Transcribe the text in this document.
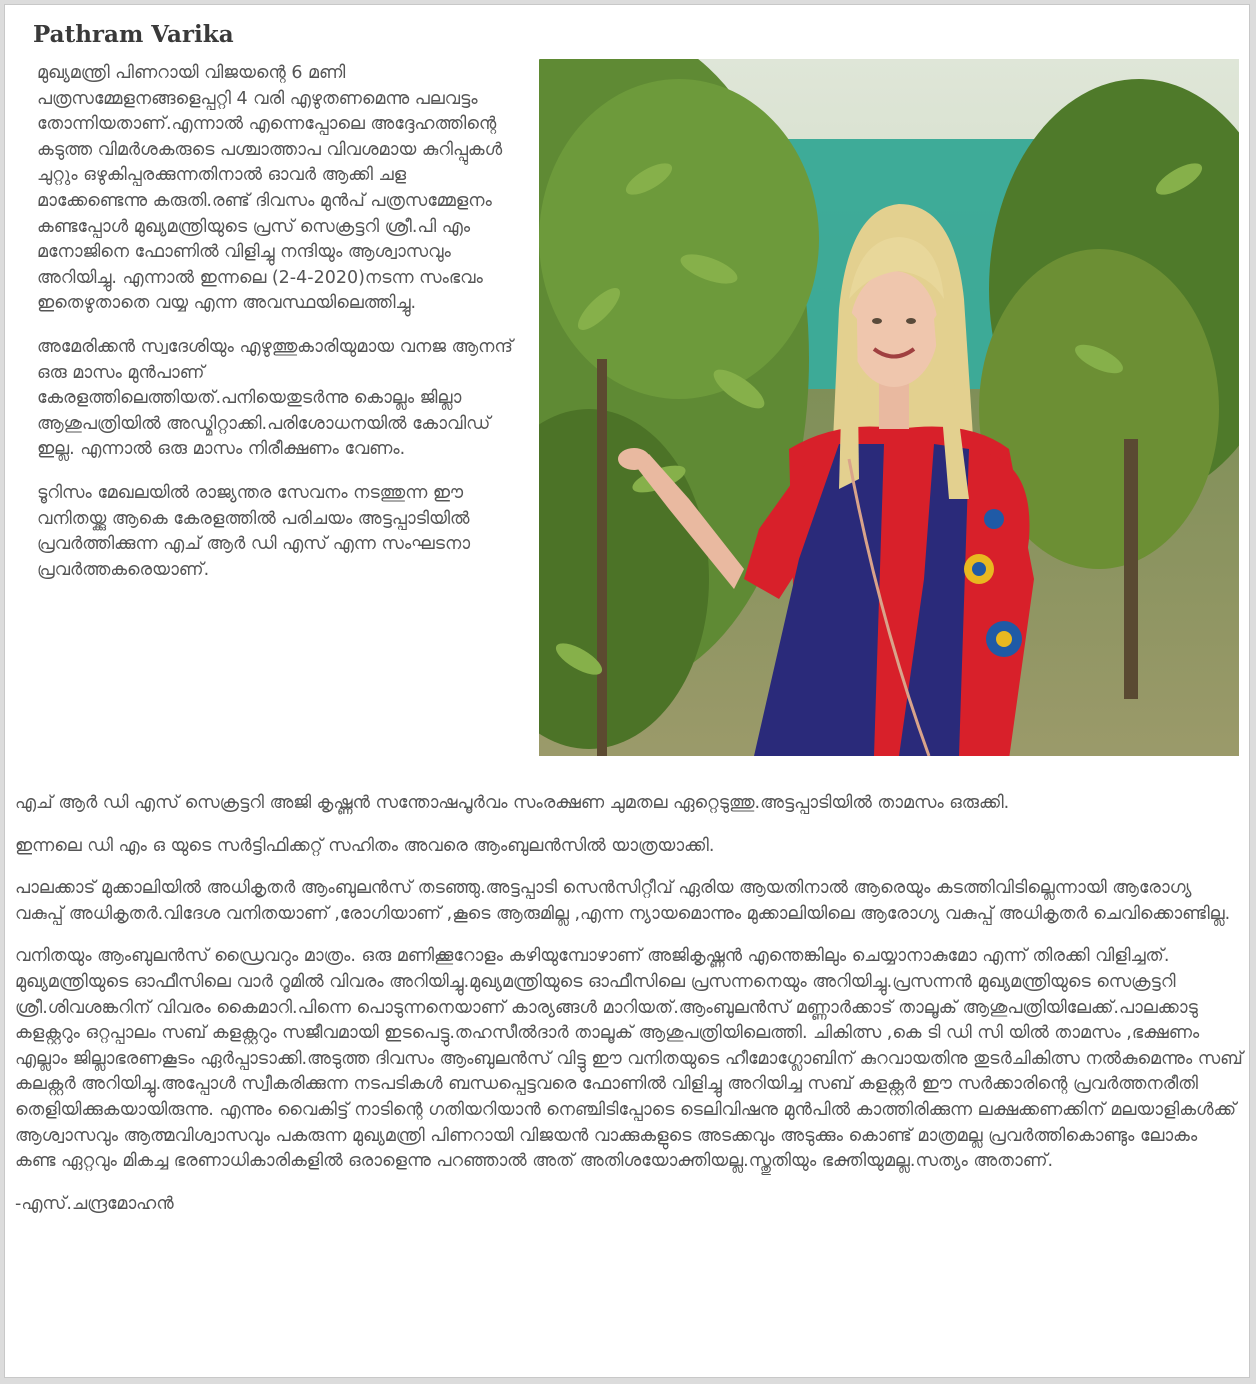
Pathram Varika

മുഖ്യമന്ത്രി പിണറായി വിജയന്റെ 6 മണി പത്രസമ്മേളനങ്ങളെപ്പറ്റി 4 വരി എഴുതണമെന്നു പലവട്ടം തോന്നിയതാണ്.എന്നാൽ എന്നെപ്പോലെ അദ്ദേഹത്തിന്റെ കടുത്ത വിമർശകരുടെ പശ്ചാത്താപ വിവശമായ കുറിപ്പുകൾ ചുറ്റും ഒഴുകിപ്പരക്കുന്നതിനാൽ ഓവർ ആക്കി ചള മാക്കേണ്ടെന്നു കരുതി.രണ്ട് ദിവസം മുൻപ് പത്രസമ്മേളനം കണ്ടപ്പോൾ മുഖ്യമന്ത്രിയുടെ പ്രസ് സെക്രട്ടറി ശ്രീ.പി എം മനോജിനെ ഫോണിൽ വിളിച്ചു നന്ദിയും ആശ്വാസവും അറിയിച്ചു. എന്നാൽ ഇന്നലെ (2-4-2020)നടന്ന സംഭവം ഇതെഴുതാതെ വയ്യ എന്ന അവസ്ഥയിലെത്തിച്ചു.

അമേരിക്കൻ സ്വദേശിയും എഴുത്തുകാരിയുമായ വനജ ആനന്ദ് ഒരു മാസം മുൻപാണ് കേരളത്തിലെത്തിയത്.പനിയെതുടർന്നു കൊല്ലം ജില്ലാ ആശുപത്രിയിൽ അഡ്മിറ്റാക്കി.പരിശോധനയിൽ കോവിഡ് ഇല്ല. എന്നാൽ ഒരു മാസം നിരീക്ഷണം വേണം.

ടൂറിസം മേഖലയിൽ രാജ്യന്തര സേവനം നടത്തുന്ന ഈ വനിതയ്ക്കു ആകെ കേരളത്തിൽ പരിചയം അട്ടപ്പാടിയിൽ പ്രവർത്തിക്കുന്ന എച് ആർ ഡി എസ് എന്ന സംഘടനാ പ്രവർത്തകരെയാണ്.

എച് ആർ ഡി എസ് സെക്രട്ടറി അജി കൃഷ്ണൻ സന്തോഷപൂർവം സംരക്ഷണ ചുമതല ഏറ്റെടുത്തു.അട്ടപ്പാടിയിൽ താമസം ഒരുക്കി.

ഇന്നലെ ഡി എം ഒ യുടെ സർട്ടിഫിക്കറ്റ് സഹിതം അവരെ ആംബുലൻസിൽ യാത്രയാക്കി.

പാലക്കാട് മുക്കാലിയിൽ അധികൃതർ ആംബുലൻസ് തടഞ്ഞു.അട്ടപ്പാടി സെൻസിറ്റീവ് ഏരിയ ആയതിനാൽ ആരെയും കടത്തിവിടില്ലെന്നായി ആരോഗ്യ വകുപ്പ് അധികൃതർ.വിദേശ വനിതയാണ് ,രോഗിയാണ് ,കൂടെ ആരുമില്ല ,എന്ന ന്യായമൊന്നും മുക്കാലിയിലെ ആരോഗ്യ വകുപ്പ് അധികൃതർ ചെവിക്കൊണ്ടില്ല.

വനിതയും ആംബുലൻസ് ഡ്രൈവറും മാത്രം. ഒരു മണിക്കൂറോളം കഴിയുമ്പോഴാണ് അജികൃഷ്ണൻ എന്തെങ്കിലും ചെയ്യാനാകുമോ എന്ന് തിരക്കി വിളിച്ചത്. മുഖ്യമന്ത്രിയുടെ ഓഫീസിലെ വാർ റൂമിൽ വിവരം അറിയിച്ചു.മുഖ്യമന്ത്രിയുടെ ഓഫീസിലെ പ്രസന്നനെയും അറിയിച്ചു.പ്രസന്നൻ മുഖ്യമന്ത്രിയുടെ സെക്രട്ടറി ശ്രീ.ശിവശങ്കറിന് വിവരം കൈമാറി.പിന്നെ പൊടുന്നനെയാണ് കാര്യങ്ങൾ മാറിയത്.ആംബുലൻസ് മണ്ണാർക്കാട് താലൂക് ആശുപത്രിയിലേക്ക്.പാലക്കാടു കളക്റ്ററും ഒറ്റപ്പാലം സബ് കളക്റ്ററും സജീവമായി ഇടപെട്ടു.തഹസീൽദാർ താലൂക് ആശുപത്രിയിലെത്തി. ചികിത്സ ,കെ ടി ഡി സി യിൽ താമസം ,ഭക്ഷണം എല്ലാം ജില്ലാഭരണകൂടം ഏർപ്പാടാക്കി.അടുത്ത ദിവസം ആംബുലൻസ് വിട്ടു ഈ വനിതയുടെ ഹീമോഗ്ലോബിന് കുറവായതിനു തുടർചികിത്സ നൽകുമെന്നും സബ് കലക്റ്റർ അറിയിച്ചു.അപ്പോൾ സ്വീകരിക്കുന്ന നടപടികൾ ബന്ധപ്പെട്ടവരെ ഫോണിൽ വിളിച്ചു അറിയിച്ച സബ് കളക്റ്റർ ഈ സർക്കാരിന്റെ പ്രവർത്തനരീതി തെളിയിക്കുകയായിരുന്നു. എന്നും വൈകിട്ട് നാടിന്റെ ഗതിയറിയാൻ നെഞ്ചിടിപ്പോടെ ടെലിവിഷനു മുൻപിൽ കാത്തിരിക്കുന്ന ലക്ഷക്കണക്കിന് മലയാളികൾക്ക് ആശ്വാസവും ആത്മവിശ്വാസവും പകരുന്ന മുഖ്യമന്ത്രി പിണറായി വിജയൻ വാക്കുകളുടെ അടക്കവും അടുക്കും കൊണ്ട് മാത്രമല്ല പ്രവർത്തികൊണ്ടും ലോകം കണ്ട ഏറ്റവും മികച്ച ഭരണാധികാരികളിൽ ഒരാളെന്നു പറഞ്ഞാൽ അത് അതിശയോക്തിയല്ല.സ്തുതിയും ഭക്തിയുമല്ല.സത്യം അതാണ്.

-എസ്.ചന്ദ്രമോഹൻ
